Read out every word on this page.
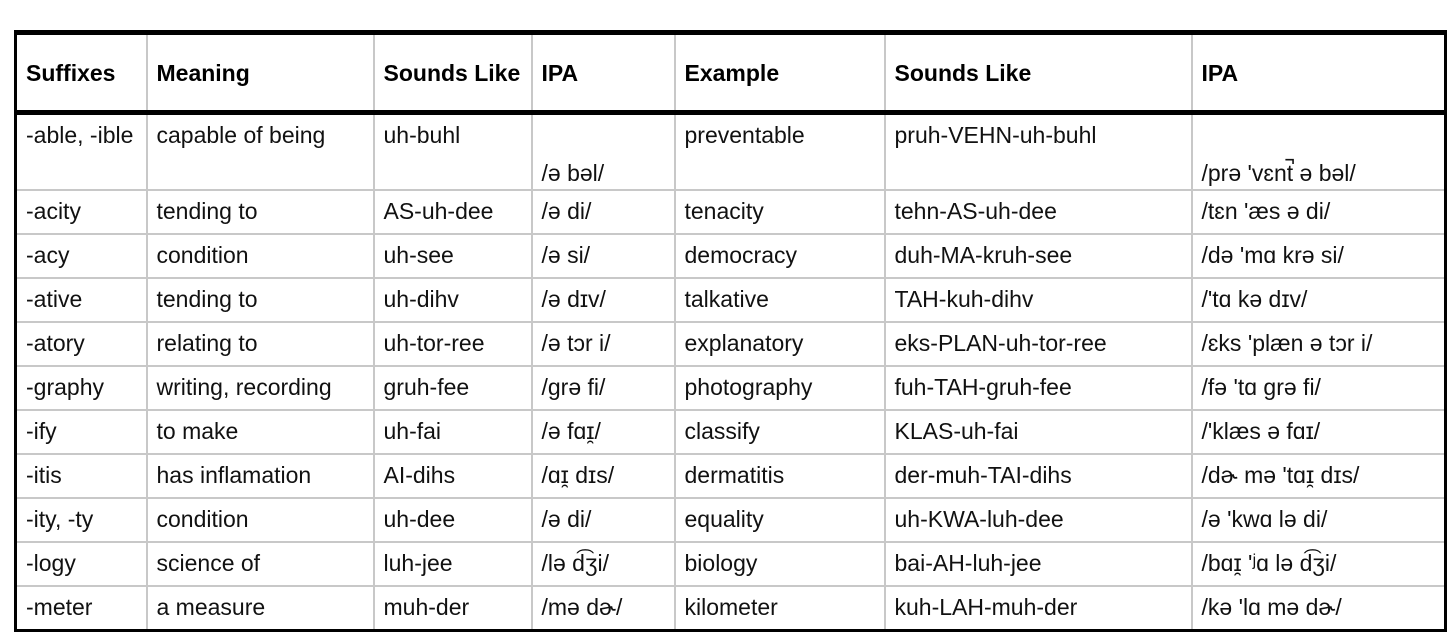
Suffixes	Meaning	Sounds Like	IPA	Example	Sounds Like	IPA
-able, -ible	capable of being	uh-buhl	/ə bəl/	preventable	pruh-VEHN-uh-buhl	/prə 'vɛnt̚ ə bəl/
-acity	tending to	AS-uh-dee	/ə di/	tenacity	tehn-AS-uh-dee	/tɛn 'æs ə di/
-acy	condition	uh-see	/ə si/	democracy	duh-MA-kruh-see	/də 'mɑ krə si/
-ative	tending to	uh-dihv	/ə dɪv/	talkative	TAH-kuh-dihv	/'tɑ kə dɪv/
-atory	relating to	uh-tor-ree	/ə tɔr i/	explanatory	eks-PLAN-uh-tor-ree	/ɛks 'plæn ə tɔr i/
-graphy	writing, recording	gruh-fee	/grə fi/	photography	fuh-TAH-gruh-fee	/fə 'tɑ grə fi/
-ify	to make	uh-fai	/ə fɑɪ̯/	classify	KLAS-uh-fai	/'klæs ə fɑɪ/
-itis	has inflamation	AI-dihs	/ɑɪ̯ dɪs/	dermatitis	der-muh-TAI-dihs	/dɚ mə 'tɑɪ̯ dɪs/
-ity, -ty	condition	uh-dee	/ə di/	equality	uh-KWA-luh-dee	/ə 'kwɑ lə di/
-logy	science of	luh-jee	/lə d͡ʒi/	biology	bai-AH-luh-jee	/bɑɪ̯ 'ʲɑ lə d͡ʒi/
-meter	a measure	muh-der	/mə dɚ/	kilometer	kuh-LAH-muh-der	/kə 'lɑ mə dɚ/
